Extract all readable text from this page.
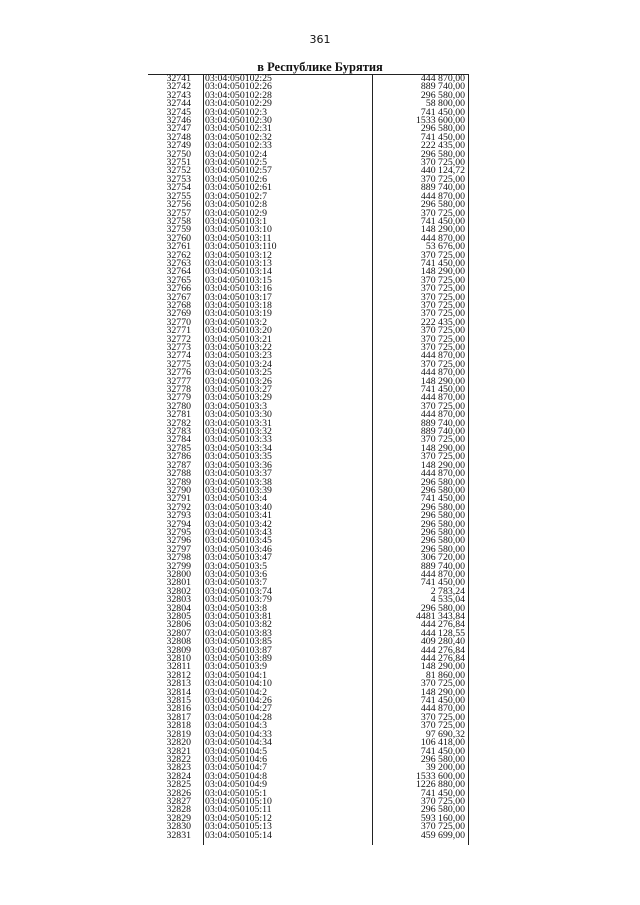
361
в Республике Бурятия
32741 03:04:050102:25	444 870,00
32742 03:04:050102:26	889 740,00
32743 03:04:050102:28	296 580,00
32744 03:04:050102:29	58 800,00
32745 03:04:050102:3	741 450,00
32746 03:04:050102:30	1533 600,00
32747 03:04:050102:31	296 580,00
32748 03:04:050102:32	741 450,00
32749 03:04:050102:33	222 435,00
32750 03:04:050102:4	296 580,00
32751 03:04:050102:5	370 725,00
32752 03:04:050102:57	440 124,72
32753 03:04:050102:6	370 725,00
32754 03:04:050102:61	889 740,00
32755 03:04:050102:7	444 870,00
32756 03:04:050102:8	296 580,00
32757 03:04:050102:9	370 725,00
32758 03:04:050103:1	741 450,00
32759 03:04:050103:10	148 290,00
32760 03:04:050103:11	444 870,00
32761 03:04:050103:110	53 676,00
32762 03:04:050103:12	370 725,00
32763 03:04:050103:13	741 450,00
32764 03:04:050103:14	148 290,00
32765 03:04:050103:15	370 725,00
32766 03:04:050103:16	370 725,00
32767 03:04:050103:17	370 725,00
32768 03:04:050103:18	370 725,00
32769 03:04:050103:19	370 725,00
32770 03:04:050103:2	222 435,00
32771 03:04:050103:20	370 725,00
32772 03:04:050103:21	370 725,00
32773 03:04:050103:22	370 725,00
32774 03:04:050103:23	444 870,00
32775 03:04:050103:24	370 725,00
32776 03:04:050103:25	444 870,00
32777 03:04:050103:26	148 290,00
32778 03:04:050103:27	741 450,00
32779 03:04:050103:29	444 870,00
32780 03:04:050103:3	370 725,00
32781 03:04:050103:30	444 870,00
32782 03:04:050103:31	889 740,00
32783 03:04:050103:32	889 740,00
32784 03:04:050103:33	370 725,00
32785 03:04:050103:34	148 290,00
32786 03:04:050103:35	370 725,00
32787 03:04:050103:36	148 290,00
32788 03:04:050103:37	444 870,00
32789 03:04:050103:38	296 580,00
32790 03:04:050103:39	296 580,00
32791 03:04:050103:4	741 450,00
32792 03:04:050103:40	296 580,00
32793 03:04:050103:41	296 580,00
32794 03:04:050103:42	296 580,00
32795 03:04:050103:43	296 580,00
32796 03:04:050103:45	296 580,00
32797 03:04:050103:46	296 580,00
32798 03:04:050103:47	306 720,00
32799 03:04:050103:5	889 740,00
32800 03:04:050103:6	444 870,00
32801 03:04:050103:7	741 450,00
32802 03:04:050103:74	2 783,24
32803 03:04:050103:79	4 535,04
32804 03:04:050103:8	296 580,00
32805 03:04:050103:81	4481 343,84
32806 03:04:050103:82	444 276,84
32807 03:04:050103:83	444 128,55
32808 03:04:050103:85	409 280,40
32809 03:04:050103:87	444 276,84
32810 03:04:050103:89	444 276,84
32811 03:04:050103:9	148 290,00
32812 03:04:050104:1	81 860,00
32813 03:04:050104:10	370 725,00
32814 03:04:050104:2	148 290,00
32815 03:04:050104:26	741 450,00
32816 03:04:050104:27	444 870,00
32817 03:04:050104:28	370 725,00
32818 03:04:050104:3	370 725,00
32819 03:04:050104:33	97 690,32
32820 03:04:050104:34	106 418,00
32821 03:04:050104:5	741 450,00
32822 03:04:050104:6	296 580,00
32823 03:04:050104:7	39 200,00
32824 03:04:050104:8	1533 600,00
32825 03:04:050104:9	1226 880,00
32826 03:04:050105:1	741 450,00
32827 03:04:050105:10	370 725,00
32828 03:04:050105:11	296 580,00
32829 03:04:050105:12	593 160,00
32830 03:04:050105:13	370 725,00
32831 03:04:050105:14	459 699,00
